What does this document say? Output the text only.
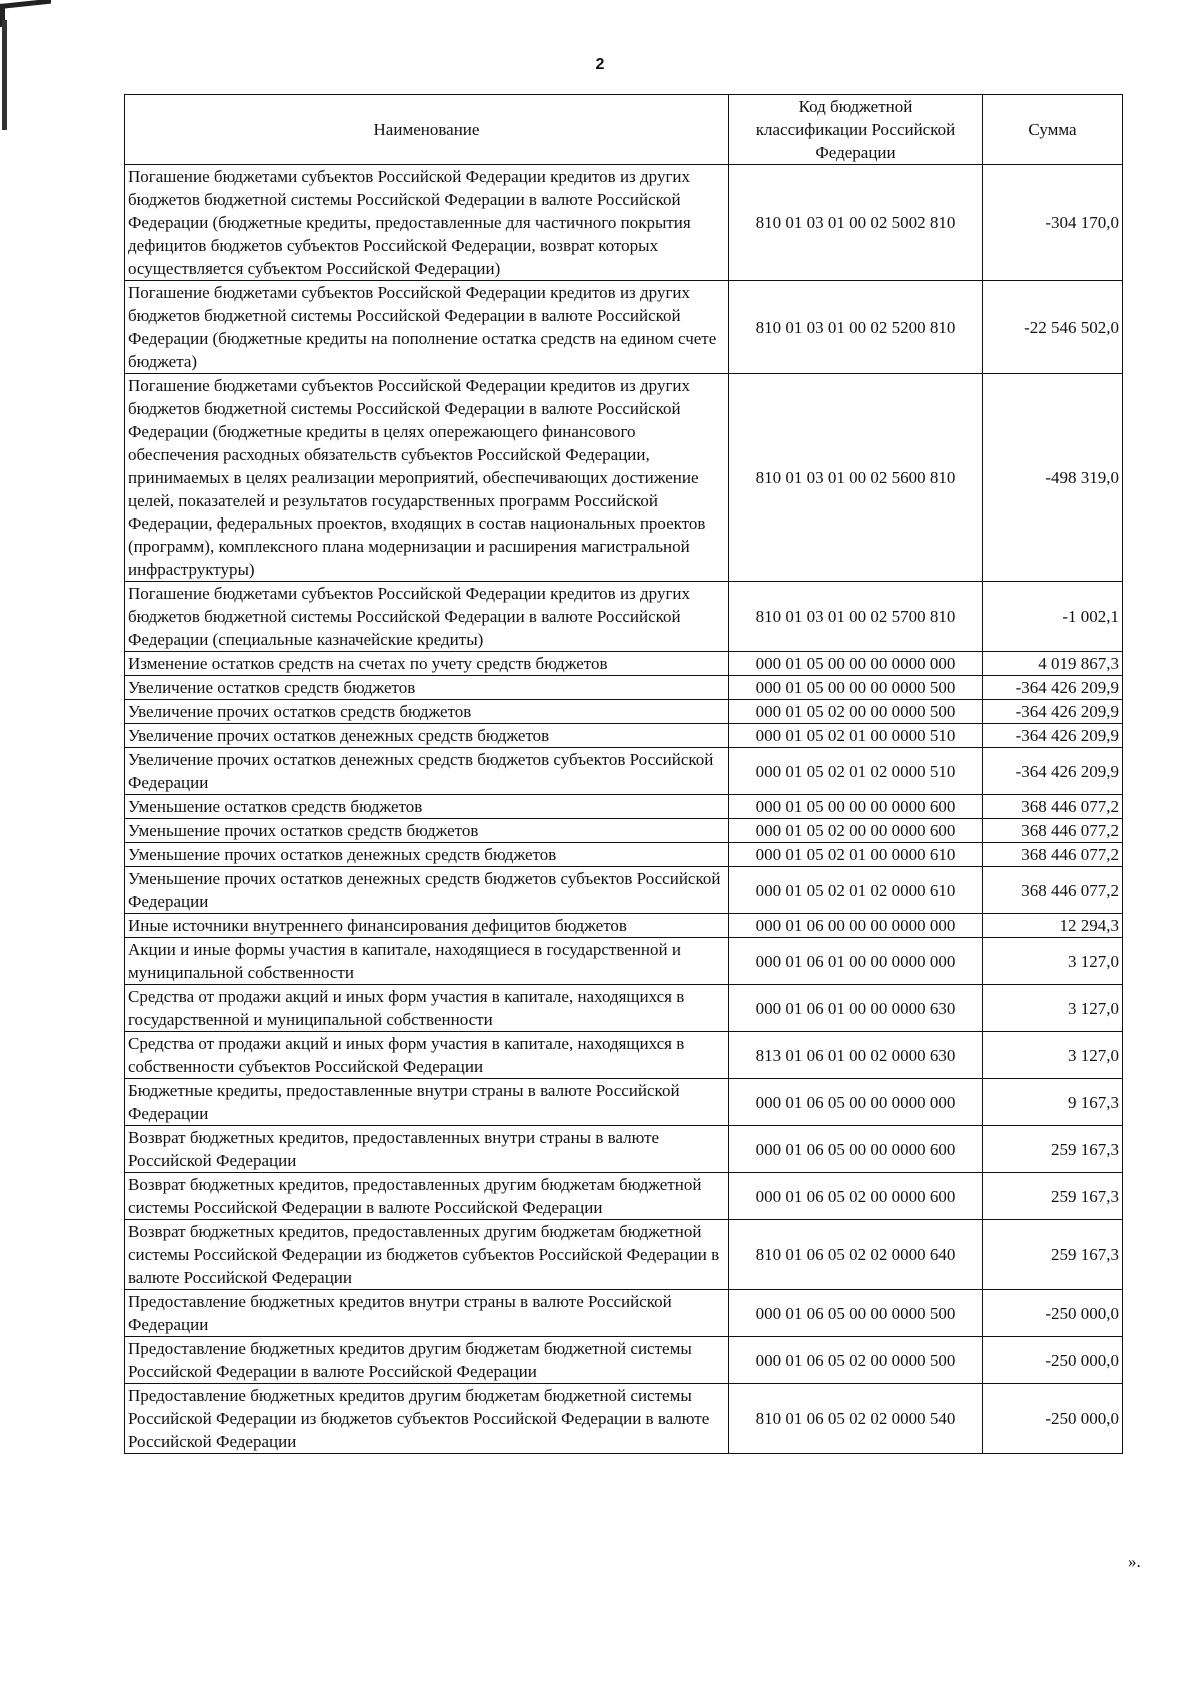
2
Наименование	Код бюджетной классификации Российской Федерации	Сумма
Погашение бюджетами субъектов Российской Федерации кредитов из других бюджетов бюджетной системы Российской Федерации в валюте Российской Федерации (бюджетные кредиты, предоставленные для частичного покрытия дефицитов бюджетов субъектов Российской Федерации, возврат которых осуществляется субъектом Российской Федерации)	810 01 03 01 00 02 5002 810	-304 170,0
Погашение бюджетами субъектов Российской Федерации кредитов из других бюджетов бюджетной системы Российской Федерации в валюте Российской Федерации (бюджетные кредиты на пополнение остатка средств на едином счете бюджета)	810 01 03 01 00 02 5200 810	-22 546 502,0
Погашение бюджетами субъектов Российской Федерации кредитов из других бюджетов бюджетной системы Российской Федерации в валюте Российской Федерации (бюджетные кредиты в целях опережающего финансового обеспечения расходных обязательств субъектов Российской Федерации, принимаемых в целях реализации мероприятий, обеспечивающих достижение целей, показателей и результатов государственных программ Российской Федерации, федеральных проектов, входящих в состав национальных проектов (программ), комплексного плана модернизации и расширения магистральной инфраструктуры)	810 01 03 01 00 02 5600 810	-498 319,0
Погашение бюджетами субъектов Российской Федерации кредитов из других бюджетов бюджетной системы Российской Федерации в валюте Российской Федерации (специальные казначейские кредиты)	810 01 03 01 00 02 5700 810	-1 002,1
Изменение остатков средств на счетах по учету средств бюджетов	000 01 05 00 00 00 0000 000	4 019 867,3
Увеличение остатков средств бюджетов	000 01 05 00 00 00 0000 500	-364 426 209,9
Увеличение прочих остатков средств бюджетов	000 01 05 02 00 00 0000 500	-364 426 209,9
Увеличение прочих остатков денежных средств бюджетов	000 01 05 02 01 00 0000 510	-364 426 209,9
Увеличение прочих остатков денежных средств бюджетов субъектов Российской Федерации	000 01 05 02 01 02 0000 510	-364 426 209,9
Уменьшение остатков средств бюджетов	000 01 05 00 00 00 0000 600	368 446 077,2
Уменьшение прочих остатков средств бюджетов	000 01 05 02 00 00 0000 600	368 446 077,2
Уменьшение прочих остатков денежных средств бюджетов	000 01 05 02 01 00 0000 610	368 446 077,2
Уменьшение прочих остатков денежных средств бюджетов субъектов Российской Федерации	000 01 05 02 01 02 0000 610	368 446 077,2
Иные источники внутреннего финансирования дефицитов бюджетов	000 01 06 00 00 00 0000 000	12 294,3
Акции и иные формы участия в капитале, находящиеся в государственной и муниципальной собственности	000 01 06 01 00 00 0000 000	3 127,0
Средства от продажи акций и иных форм участия в капитале, находящихся в государственной и муниципальной собственности	000 01 06 01 00 00 0000 630	3 127,0
Средства от продажи акций и иных форм участия в капитале, находящихся в собственности субъектов Российской Федерации	813 01 06 01 00 02 0000 630	3 127,0
Бюджетные кредиты, предоставленные внутри страны в валюте Российской Федерации	000 01 06 05 00 00 0000 000	9 167,3
Возврат бюджетных кредитов, предоставленных внутри страны в валюте Российской Федерации	000 01 06 05 00 00 0000 600	259 167,3
Возврат бюджетных кредитов, предоставленных другим бюджетам бюджетной системы Российской Федерации в валюте Российской Федерации	000 01 06 05 02 00 0000 600	259 167,3
Возврат бюджетных кредитов, предоставленных другим бюджетам бюджетной системы Российской Федерации из бюджетов субъектов Российской Федерации в валюте Российской Федерации	810 01 06 05 02 02 0000 640	259 167,3
Предоставление бюджетных кредитов внутри страны в валюте Российской Федерации	000 01 06 05 00 00 0000 500	-250 000,0
Предоставление бюджетных кредитов другим бюджетам бюджетной системы Российской Федерации в валюте Российской Федерации	000 01 06 05 02 00 0000 500	-250 000,0
Предоставление бюджетных кредитов другим бюджетам бюджетной системы Российской Федерации из бюджетов субъектов Российской Федерации в валюте Российской Федерации	810 01 06 05 02 02 0000 540	-250 000,0
».
